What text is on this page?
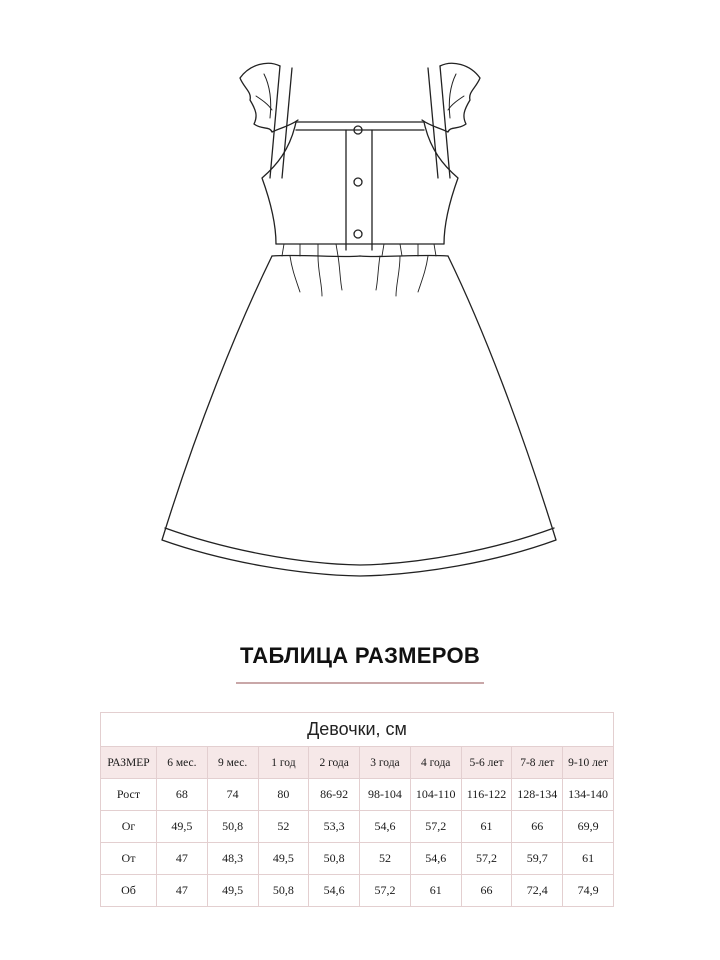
ТАБЛИЦА РАЗМЕРОВ
Девочки, см									
РАЗМЕР	6 мес.	9 мес.	1 год	2 года	3 года	4 года	5-6 лет	7-8 лет	9-10 лет
Рост	68	74	80	86-92	98-104	104-110	116-122	128-134	134-140
Ог	49,5	50,8	52	53,3	54,6	57,2	61	66	69,9
От	47	48,3	49,5	50,8	52	54,6	57,2	59,7	61
Об	47	49,5	50,8	54,6	57,2	61	66	72,4	74,9
